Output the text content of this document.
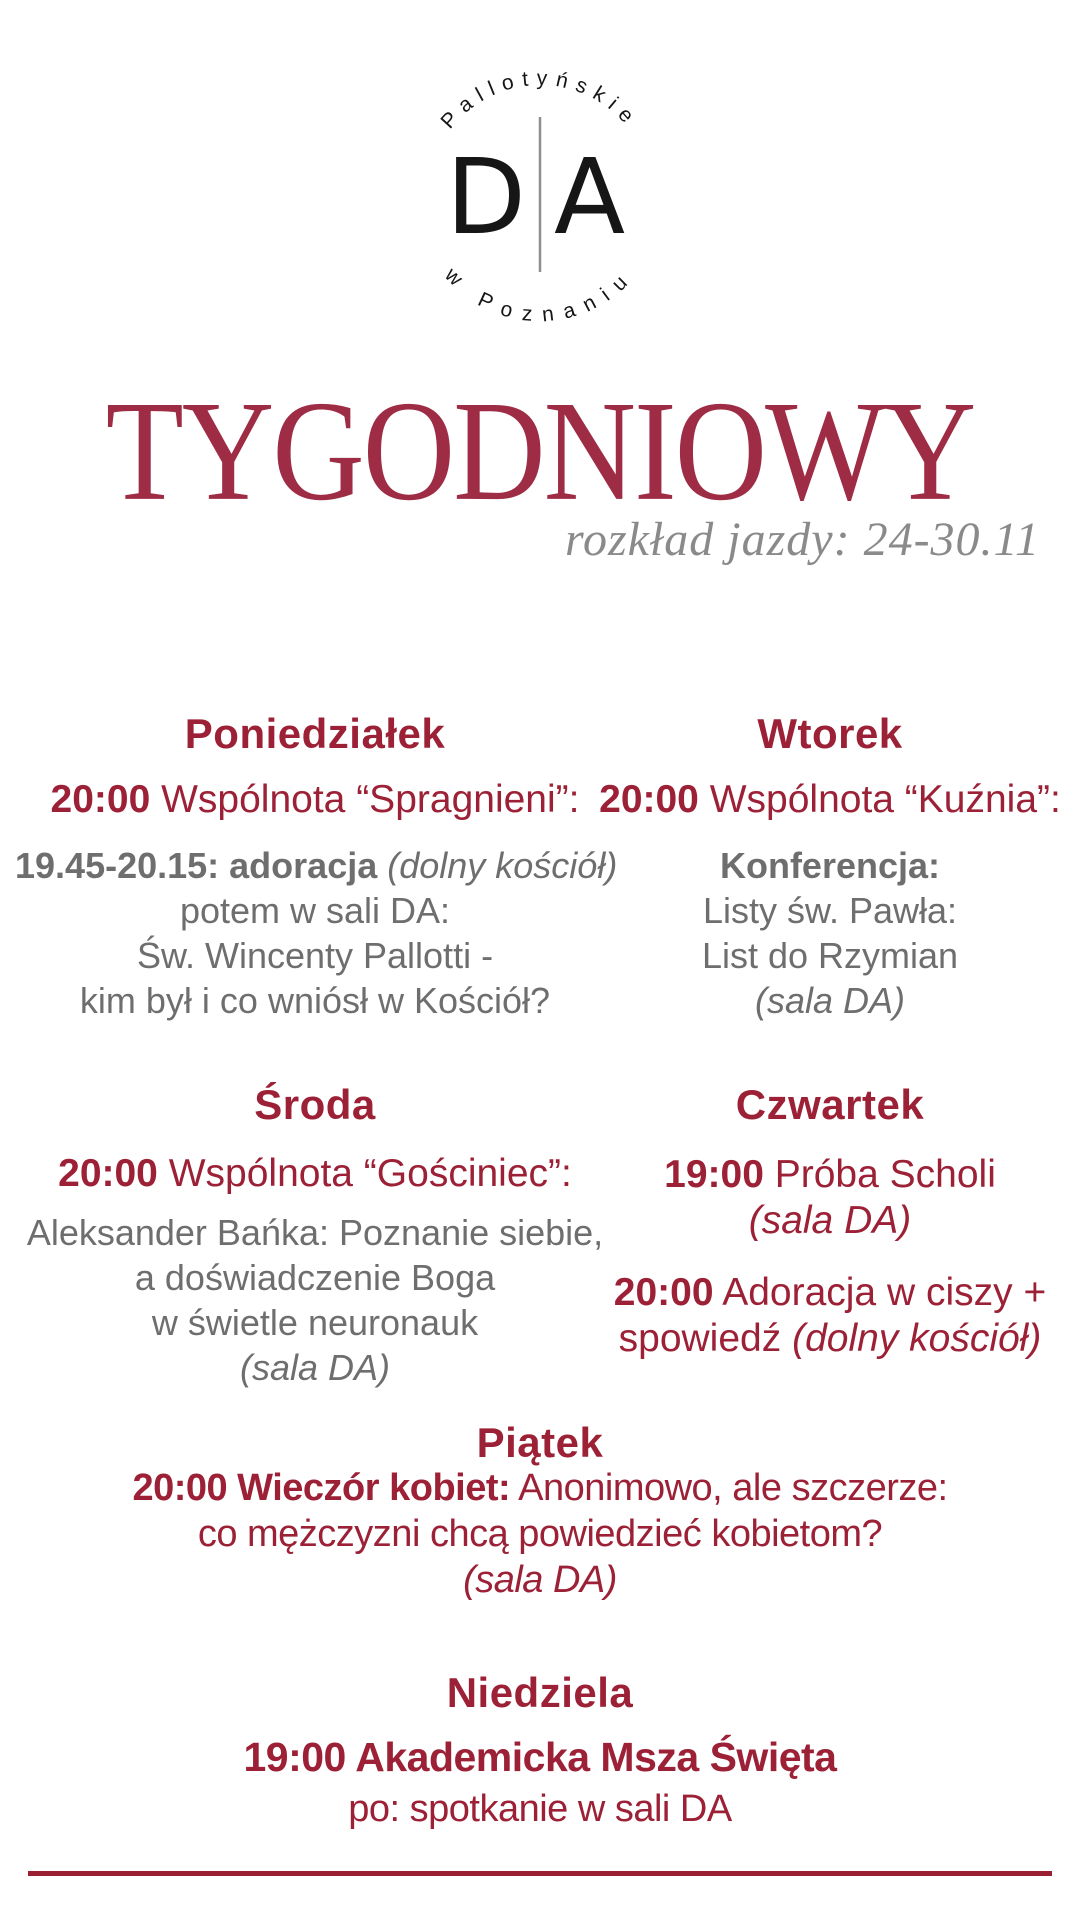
Pallotyńskie
w Poznaniu
D A
TYGODNIOWY
rozkład jazdy: 24-30.11
Poniedziałek
20:00 Wspólnota “Spragnieni”:
19.45-20.15: adoracja (dolny kościół)
potem w sali DA:
Św. Wincenty Pallotti -
kim był i co wniósł w Kościół?
Wtorek
20:00 Wspólnota “Kuźnia”:
Konferencja:
Listy św. Pawła:
List do Rzymian
(sala DA)
Środa
20:00 Wspólnota “Gościniec”:
Aleksander Bańka: Poznanie siebie,
a doświadczenie Boga
w świetle neuronauk
(sala DA)
Czwartek
19:00 Próba Scholi
(sala DA)
20:00 Adoracja w ciszy +
spowiedź (dolny kościół)
Piątek
20:00 Wieczór kobiet: Anonimowo, ale szczerze:
co mężczyzni chcą powiedzieć kobietom?
(sala DA)
Niedziela
19:00 Akademicka Msza Święta
po: spotkanie w sali DA
